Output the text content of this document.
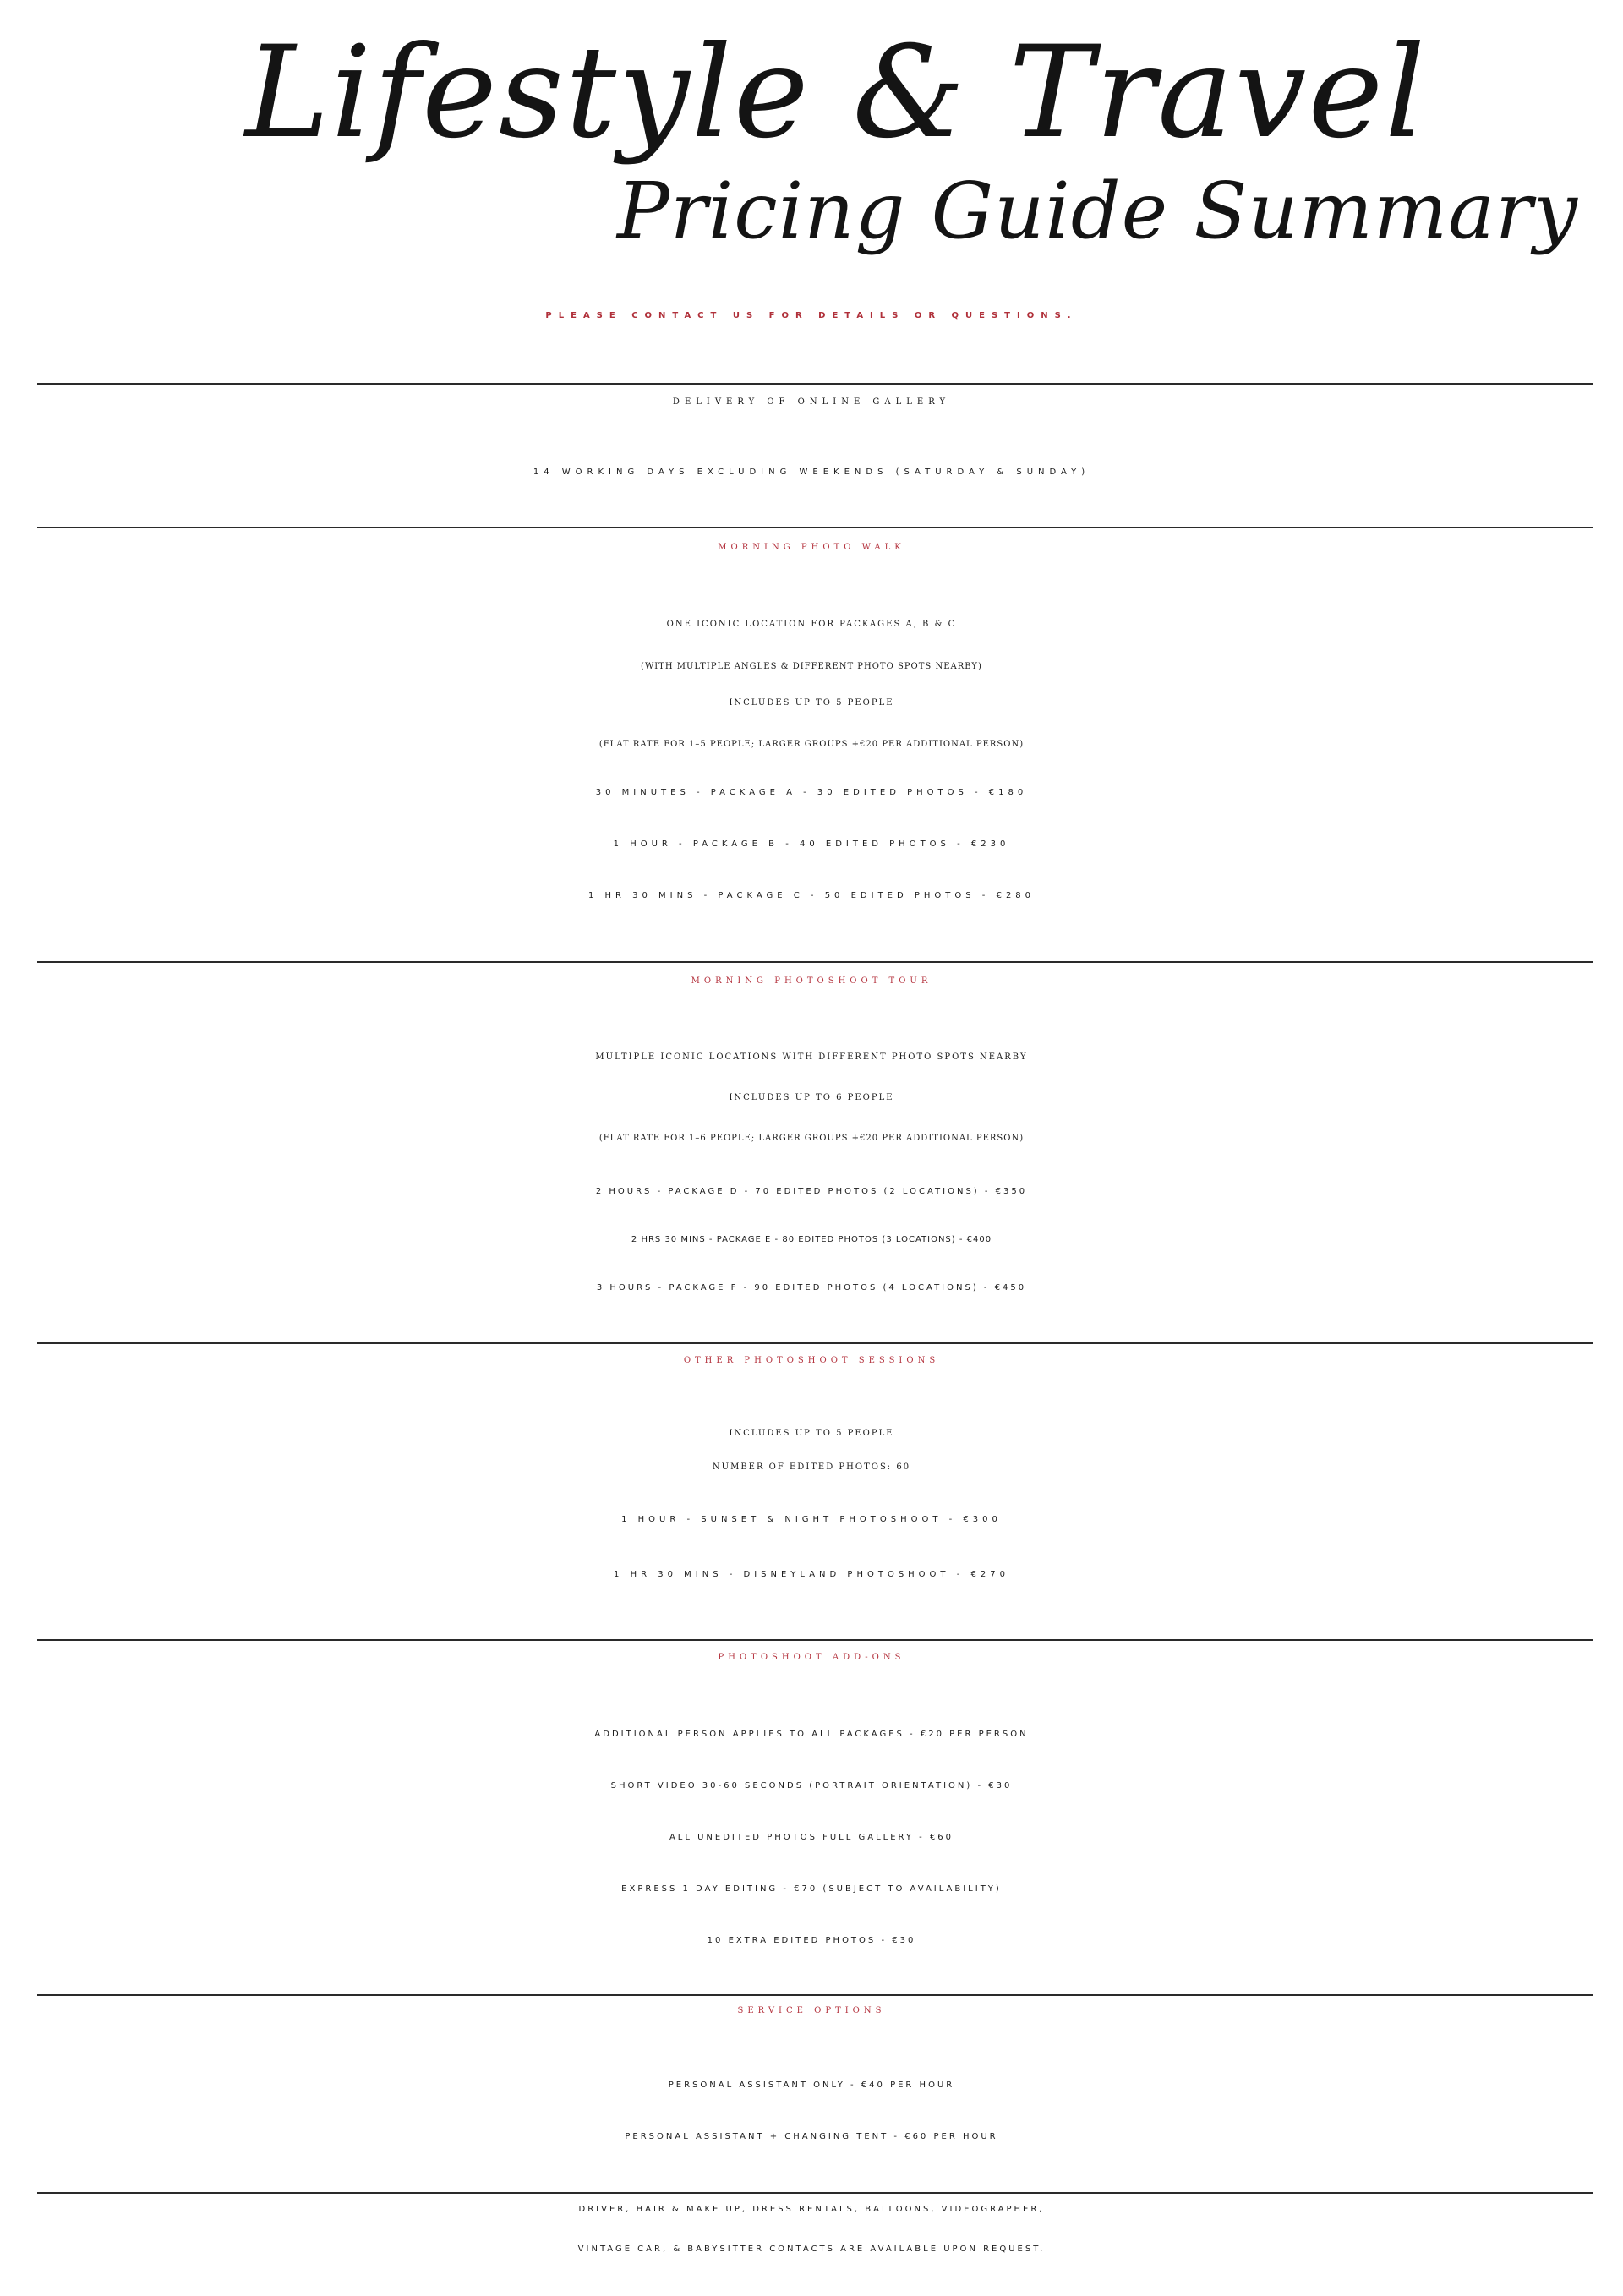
Lifestyle & Travel
Pricing Guide Summary

PLEASE CONTACT US FOR DETAILS OR QUESTIONS.

DELIVERY OF ONLINE GALLERY

14 WORKING DAYS EXCLUDING WEEKENDS (SATURDAY & SUNDAY)

MORNING PHOTO WALK

ONE ICONIC LOCATION FOR PACKAGES A, B & C

(WITH MULTIPLE ANGLES & DIFFERENT PHOTO SPOTS NEARBY)

INCLUDES UP TO 5 PEOPLE

(FLAT RATE FOR 1–5 PEOPLE; LARGER GROUPS +€20 PER ADDITIONAL PERSON)

30 MINUTES - PACKAGE A - 30 EDITED PHOTOS - €180

1 HOUR - PACKAGE B - 40 EDITED PHOTOS - €230

1 HR 30 MINS - PACKAGE C - 50 EDITED PHOTOS - €280

MORNING PHOTOSHOOT TOUR

MULTIPLE ICONIC LOCATIONS WITH DIFFERENT PHOTO SPOTS NEARBY

INCLUDES UP TO 6 PEOPLE

(FLAT RATE FOR 1–6 PEOPLE; LARGER GROUPS +€20 PER ADDITIONAL PERSON)

2 HOURS - PACKAGE D - 70 EDITED PHOTOS (2 LOCATIONS) - €350

2 HRS 30 MINS - PACKAGE E - 80 EDITED PHOTOS (3 LOCATIONS) - €400

3 HOURS - PACKAGE F - 90 EDITED PHOTOS (4 LOCATIONS) - €450

OTHER PHOTOSHOOT SESSIONS

INCLUDES UP TO 5 PEOPLE

NUMBER OF EDITED PHOTOS: 60

1 HOUR - SUNSET & NIGHT PHOTOSHOOT - €300

1 HR 30 MINS - DISNEYLAND PHOTOSHOOT - €270

PHOTOSHOOT ADD-ONS

ADDITIONAL PERSON APPLIES TO ALL PACKAGES - €20 PER PERSON

SHORT VIDEO 30-60 SECONDS (PORTRAIT ORIENTATION) - €30

ALL UNEDITED PHOTOS FULL GALLERY - €60

EXPRESS 1 DAY EDITING - €70 (SUBJECT TO AVAILABILITY)

10 EXTRA EDITED PHOTOS - €30

SERVICE OPTIONS

PERSONAL ASSISTANT ONLY - €40 PER HOUR

PERSONAL ASSISTANT + CHANGING TENT - €60 PER HOUR

DRIVER, HAIR & MAKE UP, DRESS RENTALS, BALLOONS, VIDEOGRAPHER,

VINTAGE CAR, & BABYSITTER CONTACTS ARE AVAILABLE UPON REQUEST.
